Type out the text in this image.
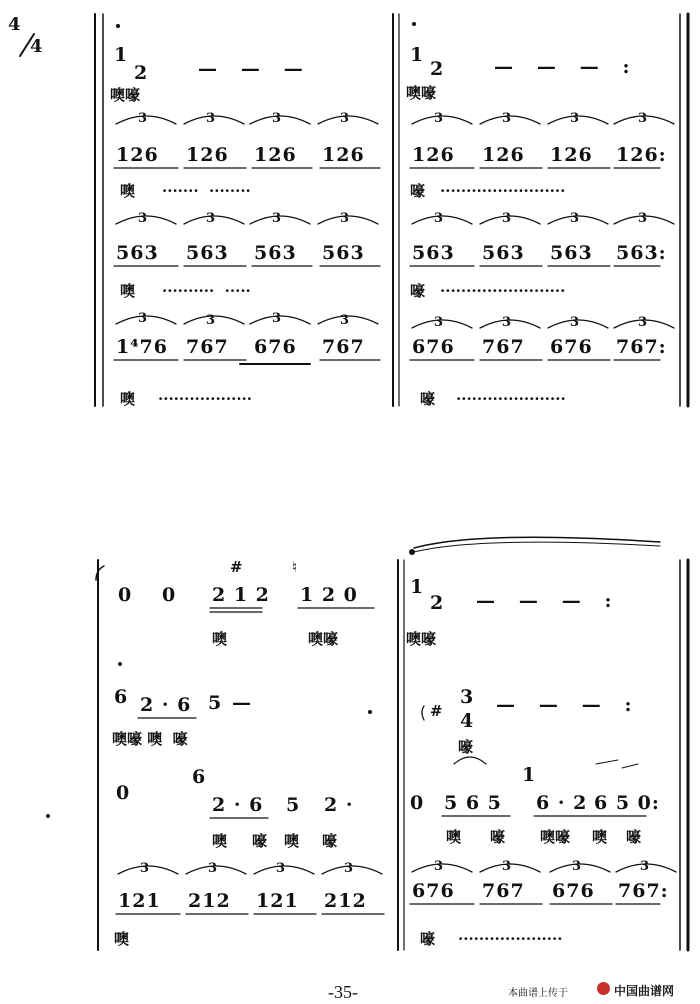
4
4	1
2	—   —   —
噢嚎
3	3	3	3
126 126 126 126
噢 ·······  ········
3	3	3	3
563 563 563 563
噢 ··········  ·····
3	3	3	3
1⁴76 767 676 767
噢 ··················
1
2	—   —   —   :
噢嚎
3	3	3	3
126 126 126 126:
嚎 ························
3	3	3	3
563 563 563 563:
嚎 ························
3	3	3	3
676 767 676 767:
嚎 ·····················
0 0
#	♮
2 1 2 1 2 0
噢	噢嚎
6 2 · 6 5 —
噢嚎 噢  嚎
0
6
2 · 6 5 2 ·
噢 嚎 噢 嚎
3	3	3	3
121 212 121 212
噢
1
2 —   —   —   :
噢嚎
#
3
4
—   —   —   :
嚎
0 5 6 5
1
6 · 2 6 5 0:
噢 嚎 噢嚎 噢 嚎
3	3	3	3
676 767 676 767:
嚎 ····················
-35-	本曲谱上传于	中国曲谱网
